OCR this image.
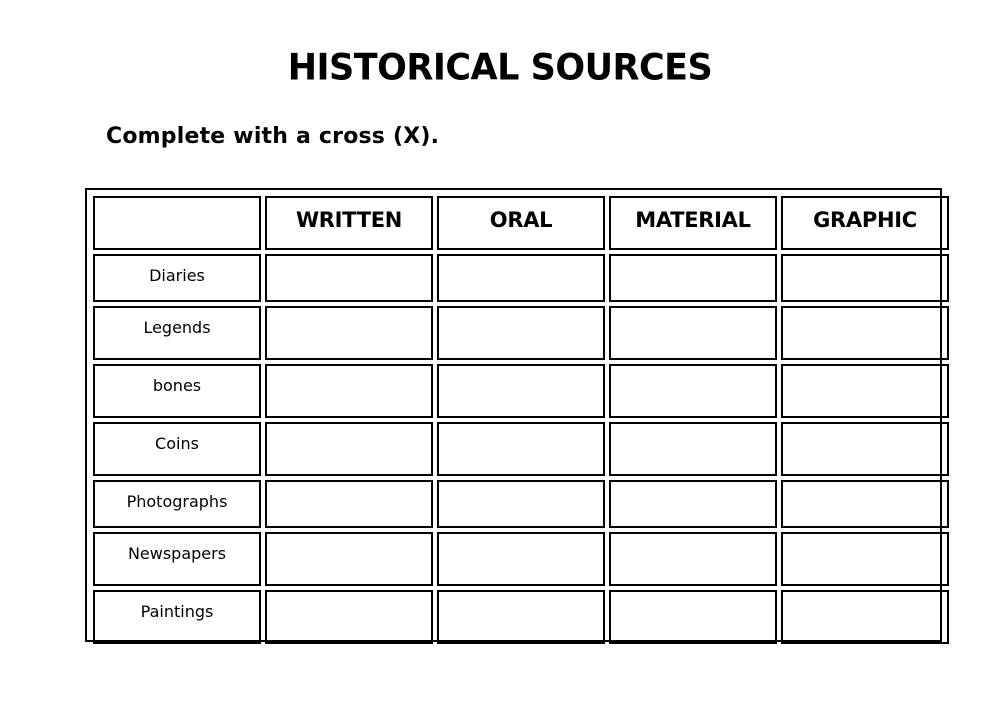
HISTORICAL SOURCES

Complete with a cross (X).

	WRITTEN	ORAL	MATERIAL	GRAPHIC
Diaries				
Legends				
bones				
Coins				
Photographs				
Newspapers				
Paintings				
